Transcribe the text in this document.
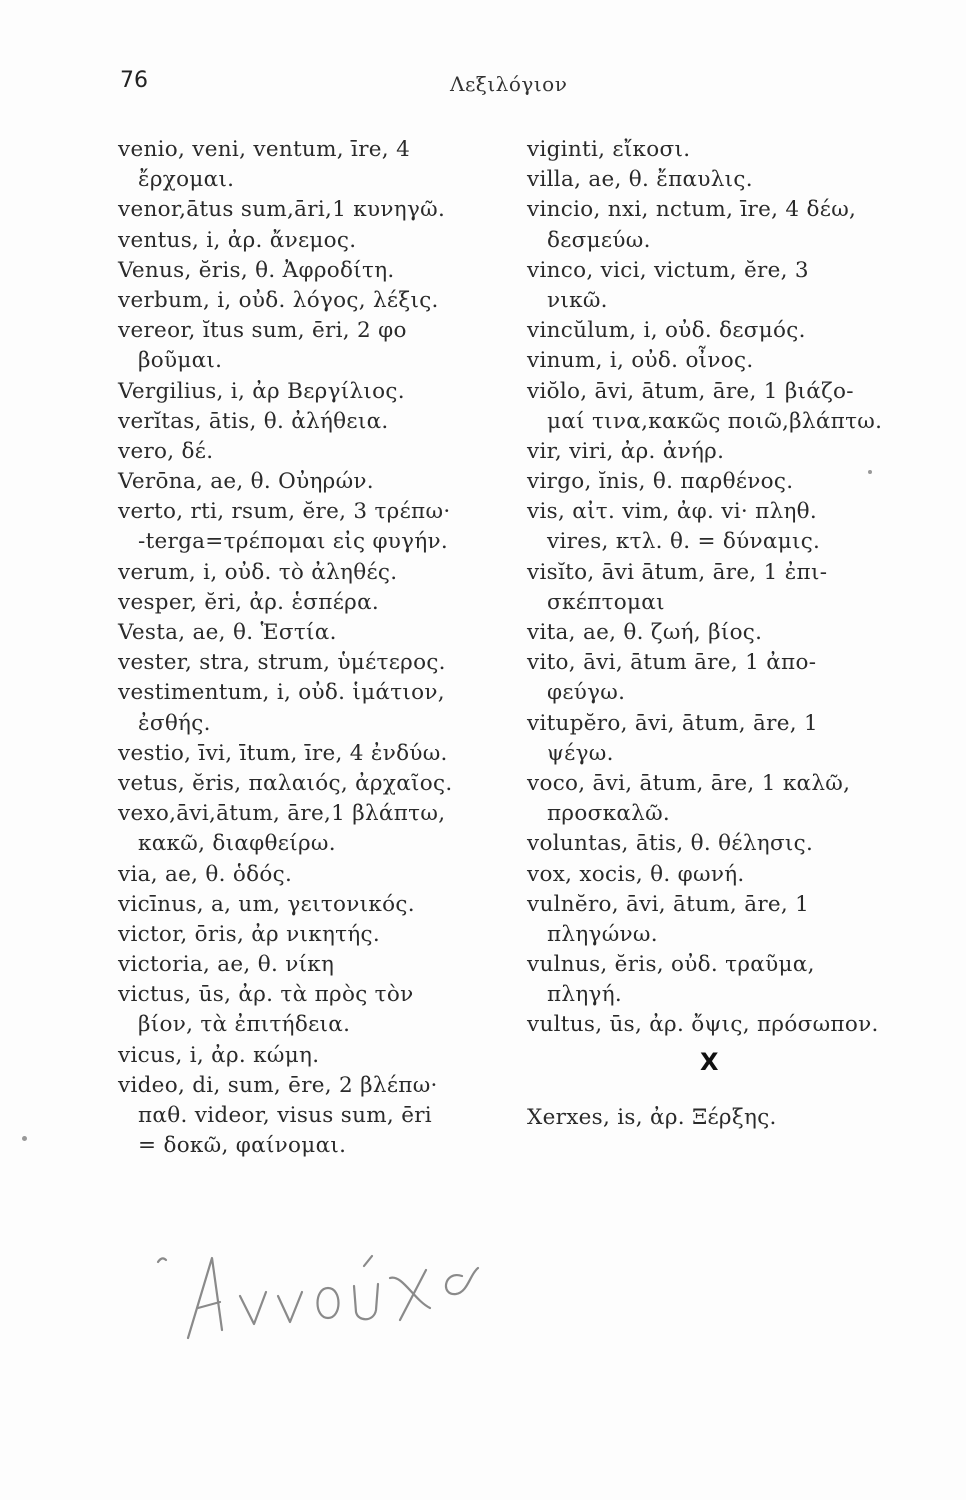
76	Λεξιλόγιον
venio, veni, ventum, īre, 4
ἔρχομαι.
venor,ātus sum,āri,1 κυνηγῶ.
ventus, i, ἀρ. ἄνεμος.
Venus, ĕris, θ. Ἀφροδίτη.
verbum, i, οὐδ. λόγος, λέξις.
vereor, ĭtus sum, ēri, 2 φο
βοῦμαι.
Vergilius, i, ἀρ Βεργίλιος.
verĭtas, ātis, θ. ἀλήθεια.
vero, δέ.
Verōna, ae, θ. Οὐηρών.
verto, rti, rsum, ĕre, 3 τρέπω·
-terga=τρέπομαι εἰς φυγήν.
verum, i, οὐδ. τὸ ἀληθές.
vesper, ĕri, ἀρ. ἑσπέρα.
Vesta, ae, θ. Ἑστία.
vester, stra, strum, ὑμέτερος.
vestimentum, i, οὐδ. ἱμάτιον,
ἐσθής.
vestio, īvi, ītum, īre, 4 ἐνδύω.
vetus, ĕris, παλαιός, ἀρχαῖος.
vexo,āvi,ātum, āre,1 βλάπτω,
κακῶ, διαφθείρω.
via, ae, θ. ὁδός.
vicīnus, a, um, γειτονικός.
victor, ōris, ἀρ νικητής.
victoria, ae, θ. νίκη
victus, ūs, ἀρ. τὰ πρὸς τὸν
βίον, τὰ ἐπιτήδεια.
vicus, i, ἀρ. κώμη.
video, di, sum, ēre, 2 βλέπω·
παθ. videor, visus sum, ēri
= δοκῶ, φαίνομαι.
viginti, εἴκοσι.
villa, ae, θ. ἔπαυλις.
vincio, nxi, nctum, īre, 4 δέω,
δεσμεύω.
vinco, vici, victum, ĕre, 3
νικῶ.
vincŭlum, i, οὐδ. δεσμός.
vinum, i, οὐδ. οἶνος.
viŏlo, āvi, ātum, āre, 1 βιάζο-
μαί τινα,κακῶς ποιῶ,βλάπτω.
vir, viri, ἀρ. ἀνήρ.
virgo, ĭnis, θ. παρθένος.
vis, αἰτ. vim, ἀφ. vi· πληθ.
vires, κτλ. θ. = δύναμις.
visĭto, āvi ātum, āre, 1 ἐπι-
σκέπτομαι
vita, ae, θ. ζωή, βίος.
vito, āvi, ātum āre, 1 ἀπο-
φεύγω.
vitupĕro, āvi, ātum, āre, 1
ψέγω.
voco, āvi, ātum, āre, 1 καλῶ,
προσκαλῶ.
voluntas, ātis, θ. θέλησις.
vox, xocis, θ. φωνή.
vulnĕro, āvi, ātum, āre, 1
πληγώνω.
vulnus, ĕris, οὐδ. τραῦμα,
πληγή.
vultus, ūs, ἀρ. ὄψις, πρόσωπον.
X
Xerxes, is, ἀρ. Ξέρξης.
